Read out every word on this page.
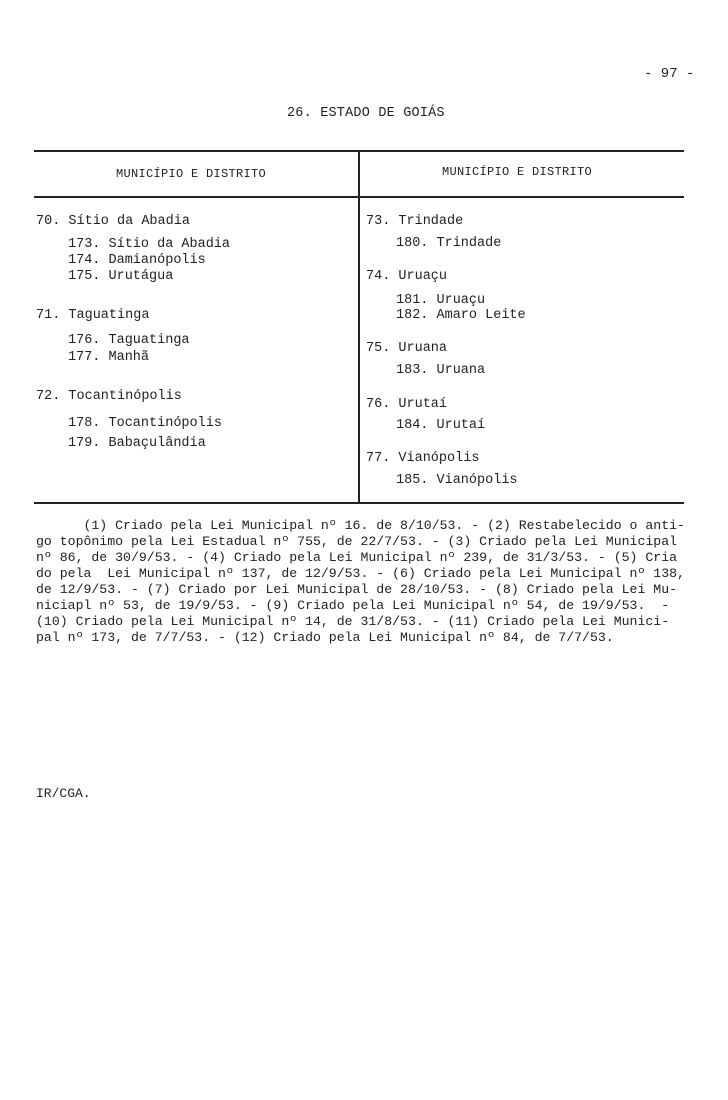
- 97 -
26. ESTADO DE GOIÁS
MUNICÍPIO E DISTRITO	MUNICÍPIO E DISTRITO
70. Sítio da Abadia
173. Sítio da Abadia
174. Damianópolis
175. Urutágua
71. Taguatinga
176. Taguatinga
177. Manhã
72. Tocantinópolis
178. Tocantinópolis
179. Babaçulândia
73. Trindade
180. Trindade
74. Uruaçu
181. Uruaçu
182. Amaro Leite
75. Uruana
183. Uruana
76. Urutaí
184. Urutaí
77. Vianópolis
185. Vianópolis
(1) Criado pela Lei Municipal nº 16. de 8/10/53. - (2) Restabelecido o anti-
go topônimo pela Lei Estadual nº 755, de 22/7/53. - (3) Criado pela Lei Municipal
nº 86, de 30/9/53. - (4) Criado pela Lei Municipal nº 239, de 31/3/53. - (5) Cria
do pela  Lei Municipal nº 137, de 12/9/53. - (6) Criado pela Lei Municipal nº 138,
de 12/9/53. - (7) Criado por Lei Municipal de 28/10/53. - (8) Criado pela Lei Mu-
niciapl nº 53, de 19/9/53. - (9) Criado pela Lei Municipal nº 54, de 19/9/53.  -
(10) Criado pela Lei Municipal nº 14, de 31/8/53. - (11) Criado pela Lei Munici-
pal nº 173, de 7/7/53. - (12) Criado pela Lei Municipal nº 84, de 7/7/53.
IR/CGA.
